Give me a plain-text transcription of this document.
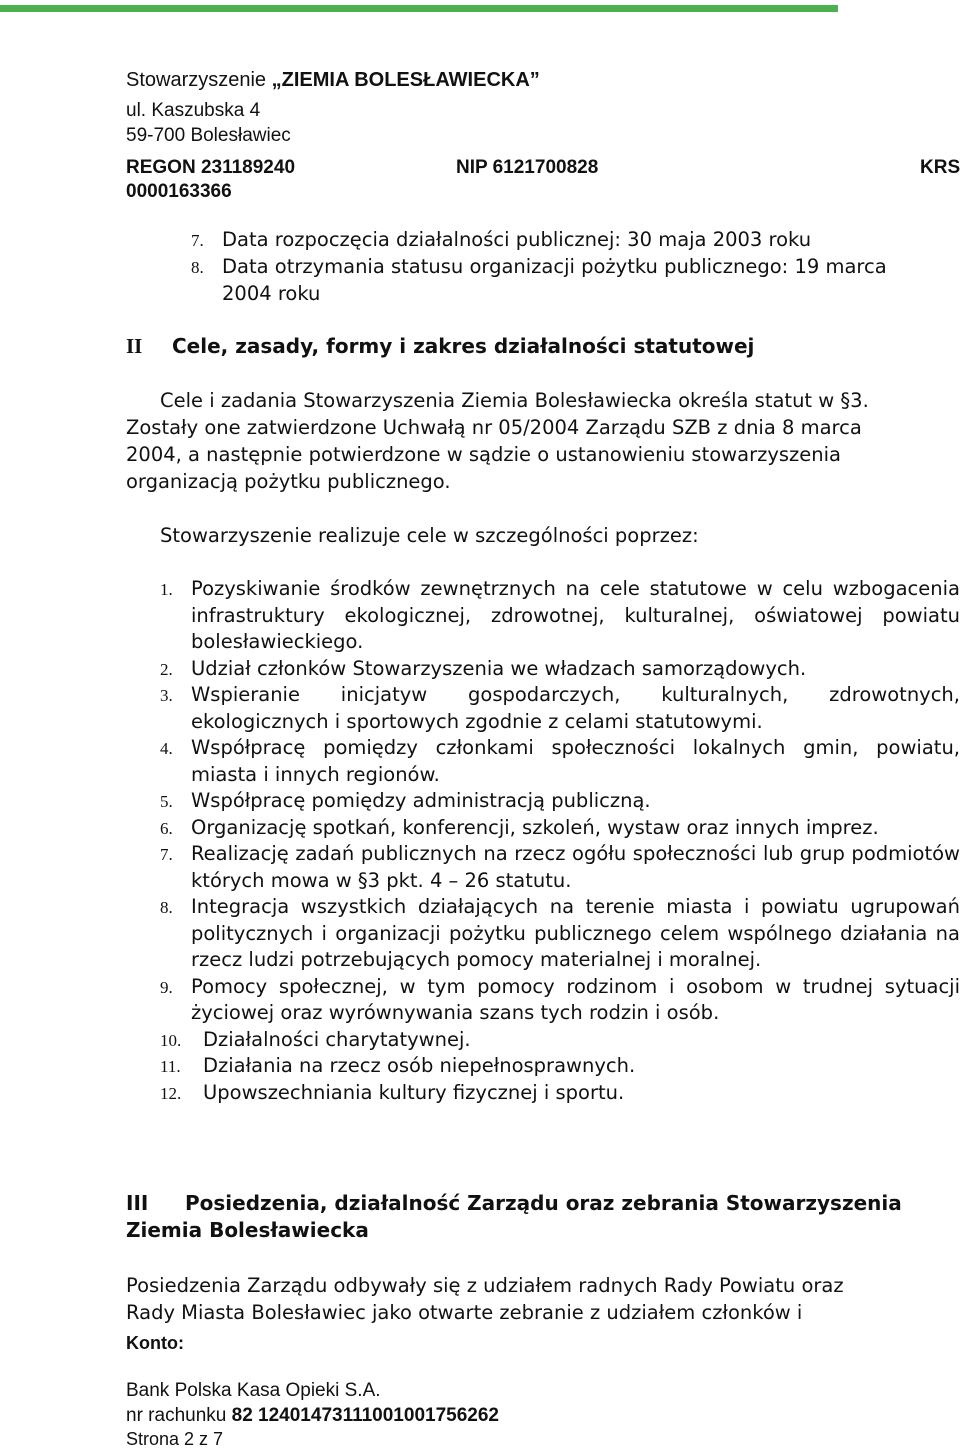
Stowarzyszenie „ZIEMIA BOLESŁAWIECKA”
ul. Kaszubska 4
59-700 Bolesławiec
REGON 231189240	NIP 6121700828	KRS
0000163366
7. Data rozpoczęcia działalności publicznej: 30 maja 2003 roku
8. Data otrzymania statusu organizacji pożytku publicznego: 19 marca
2004 roku
II Cele, zasady, formy i zakres działalności statutowej
Cele i zadania Stowarzyszenia Ziemia Bolesławiecka określa statut w §3.
Zostały one zatwierdzone Uchwałą nr 05/2004 Zarządu SZB z dnia 8 marca
2004, a następnie potwierdzone w sądzie o ustanowieniu stowarzyszenia
organizacją pożytku publicznego.
Stowarzyszenie realizuje cele w szczególności poprzez:
1. Pozyskiwanie środków zewnętrznych na cele statutowe w celu wzbogacenia infrastruktury ekologicznej, zdrowotnej, kulturalnej, oświatowej powiatu bolesławieckiego.
2. Udział członków Stowarzyszenia we władzach samorządowych.
3. Wspieranie inicjatyw gospodarczych, kulturalnych, zdrowotnych, ekologicznych i sportowych zgodnie z celami statutowymi.
4. Współpracę pomiędzy członkami społeczności lokalnych gmin, powiatu, miasta i innych regionów.
5. Współpracę pomiędzy administracją publiczną.
6. Organizację spotkań, konferencji, szkoleń, wystaw oraz innych imprez.
7. Realizację zadań publicznych na rzecz ogółu społeczności lub grup podmiotów których mowa w §3 pkt. 4 – 26 statutu.
8. Integracja wszystkich działających na terenie miasta i powiatu ugrupowań politycznych i organizacji pożytku publicznego celem wspólnego działania na rzecz ludzi potrzebujących pomocy materialnej i moralnej.
9. Pomocy społecznej, w tym pomocy rodzinom i osobom w trudnej sytuacji życiowej oraz wyrównywania szans tych rodzin i osób.
10. Działalności charytatywnej.
11. Działania na rzecz osób niepełnosprawnych.
12. Upowszechniania kultury fizycznej i sportu.
III Posiedzenia, działalność Zarządu oraz zebrania Stowarzyszenia
Ziemia Bolesławiecka
Posiedzenia Zarządu odbywały się z udziałem radnych Rady Powiatu oraz
Rady Miasta Bolesławiec jako otwarte zebranie z udziałem członków i
Konto:
Bank Polska Kasa Opieki S.A.
nr rachunku 82 12401473111001001756262
Strona 2 z 7
